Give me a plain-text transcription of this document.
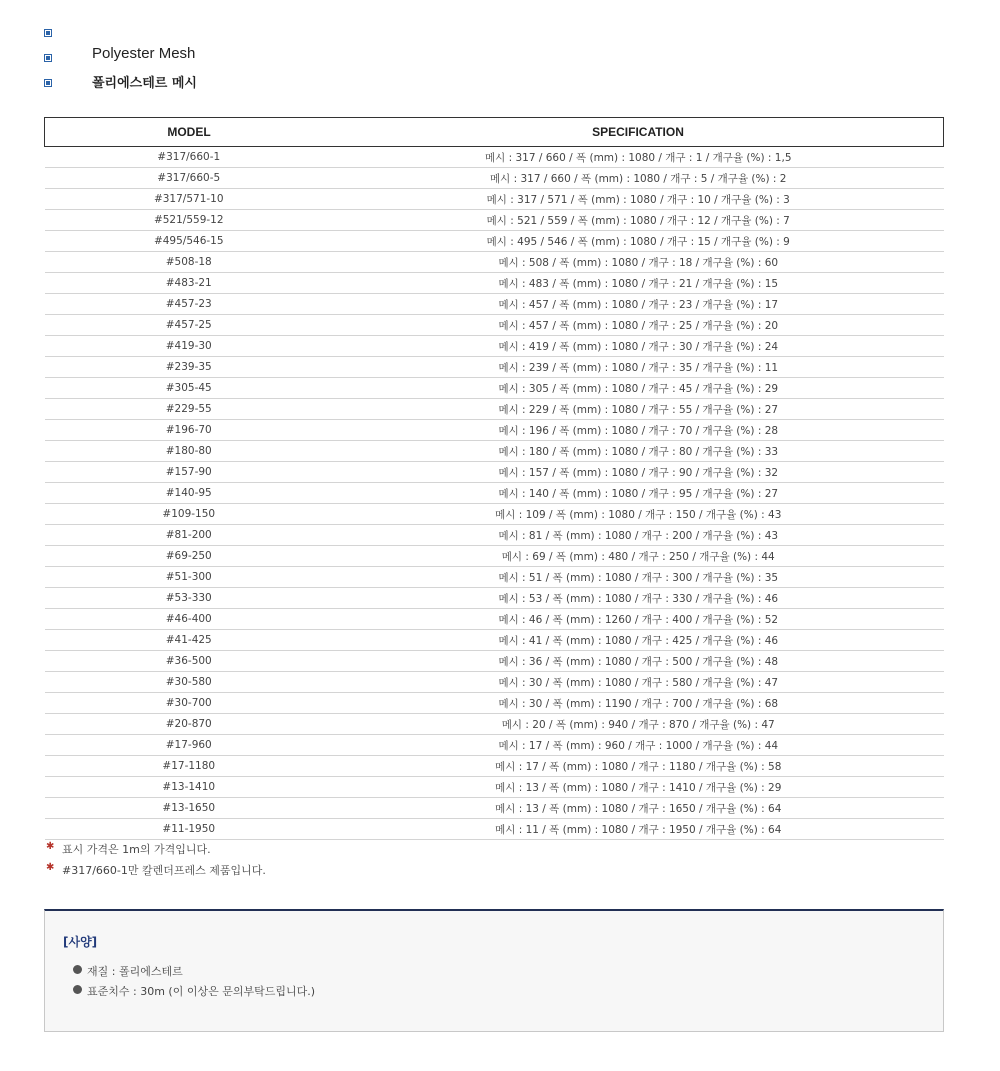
Polyester Mesh
폴리에스테르 메시
MODEL	SPECIFICATION
#317/660-1	메시 : 317 / 660 / 폭 (mm) : 1080 / 개구 : 1 / 개구율 (%) : 1,5
#317/660-5	메시 : 317 / 660 / 폭 (mm) : 1080 / 개구 : 5 / 개구율 (%) : 2
#317/571-10	메시 : 317 / 571 / 폭 (mm) : 1080 / 개구 : 10 / 개구율 (%) : 3
#521/559-12	메시 : 521 / 559 / 폭 (mm) : 1080 / 개구 : 12 / 개구율 (%) : 7
#495/546-15	메시 : 495 / 546 / 폭 (mm) : 1080 / 개구 : 15 / 개구율 (%) : 9
#508-18	메시 : 508 / 폭 (mm) : 1080 / 개구 : 18 / 개구율 (%) : 60
#483-21	메시 : 483 / 폭 (mm) : 1080 / 개구 : 21 / 개구율 (%) : 15
#457-23	메시 : 457 / 폭 (mm) : 1080 / 개구 : 23 / 개구율 (%) : 17
#457-25	메시 : 457 / 폭 (mm) : 1080 / 개구 : 25 / 개구율 (%) : 20
#419-30	메시 : 419 / 폭 (mm) : 1080 / 개구 : 30 / 개구율 (%) : 24
#239-35	메시 : 239 / 폭 (mm) : 1080 / 개구 : 35 / 개구율 (%) : 11
#305-45	메시 : 305 / 폭 (mm) : 1080 / 개구 : 45 / 개구율 (%) : 29
#229-55	메시 : 229 / 폭 (mm) : 1080 / 개구 : 55 / 개구율 (%) : 27
#196-70	메시 : 196 / 폭 (mm) : 1080 / 개구 : 70 / 개구율 (%) : 28
#180-80	메시 : 180 / 폭 (mm) : 1080 / 개구 : 80 / 개구율 (%) : 33
#157-90	메시 : 157 / 폭 (mm) : 1080 / 개구 : 90 / 개구율 (%) : 32
#140-95	메시 : 140 / 폭 (mm) : 1080 / 개구 : 95 / 개구율 (%) : 27
#109-150	메시 : 109 / 폭 (mm) : 1080 / 개구 : 150 / 개구율 (%) : 43
#81-200	메시 : 81 / 폭 (mm) : 1080 / 개구 : 200 / 개구율 (%) : 43
#69-250	메시 : 69 / 폭 (mm) : 480 / 개구 : 250 / 개구율 (%) : 44
#51-300	메시 : 51 / 폭 (mm) : 1080 / 개구 : 300 / 개구율 (%) : 35
#53-330	메시 : 53 / 폭 (mm) : 1080 / 개구 : 330 / 개구율 (%) : 46
#46-400	메시 : 46 / 폭 (mm) : 1260 / 개구 : 400 / 개구율 (%) : 52
#41-425	메시 : 41 / 폭 (mm) : 1080 / 개구 : 425 / 개구율 (%) : 46
#36-500	메시 : 36 / 폭 (mm) : 1080 / 개구 : 500 / 개구율 (%) : 48
#30-580	메시 : 30 / 폭 (mm) : 1080 / 개구 : 580 / 개구율 (%) : 47
#30-700	메시 : 30 / 폭 (mm) : 1190 / 개구 : 700 / 개구율 (%) : 68
#20-870	메시 : 20 / 폭 (mm) : 940 / 개구 : 870 / 개구율 (%) : 47
#17-960	메시 : 17 / 폭 (mm) : 960 / 개구 : 1000 / 개구율 (%) : 44
#17-1180	메시 : 17 / 폭 (mm) : 1080 / 개구 : 1180 / 개구율 (%) : 58
#13-1410	메시 : 13 / 폭 (mm) : 1080 / 개구 : 1410 / 개구율 (%) : 29
#13-1650	메시 : 13 / 폭 (mm) : 1080 / 개구 : 1650 / 개구율 (%) : 64
#11-1950	메시 : 11 / 폭 (mm) : 1080 / 개구 : 1950 / 개구율 (%) : 64
✱ 표시 가격은 1m의 가격입니다.
✱ #317/660-1만 칼렌더프레스 제품입니다.
[사양]
재질 : 폴리에스테르
표준치수 : 30m (이 이상은 문의부탁드립니다.)
